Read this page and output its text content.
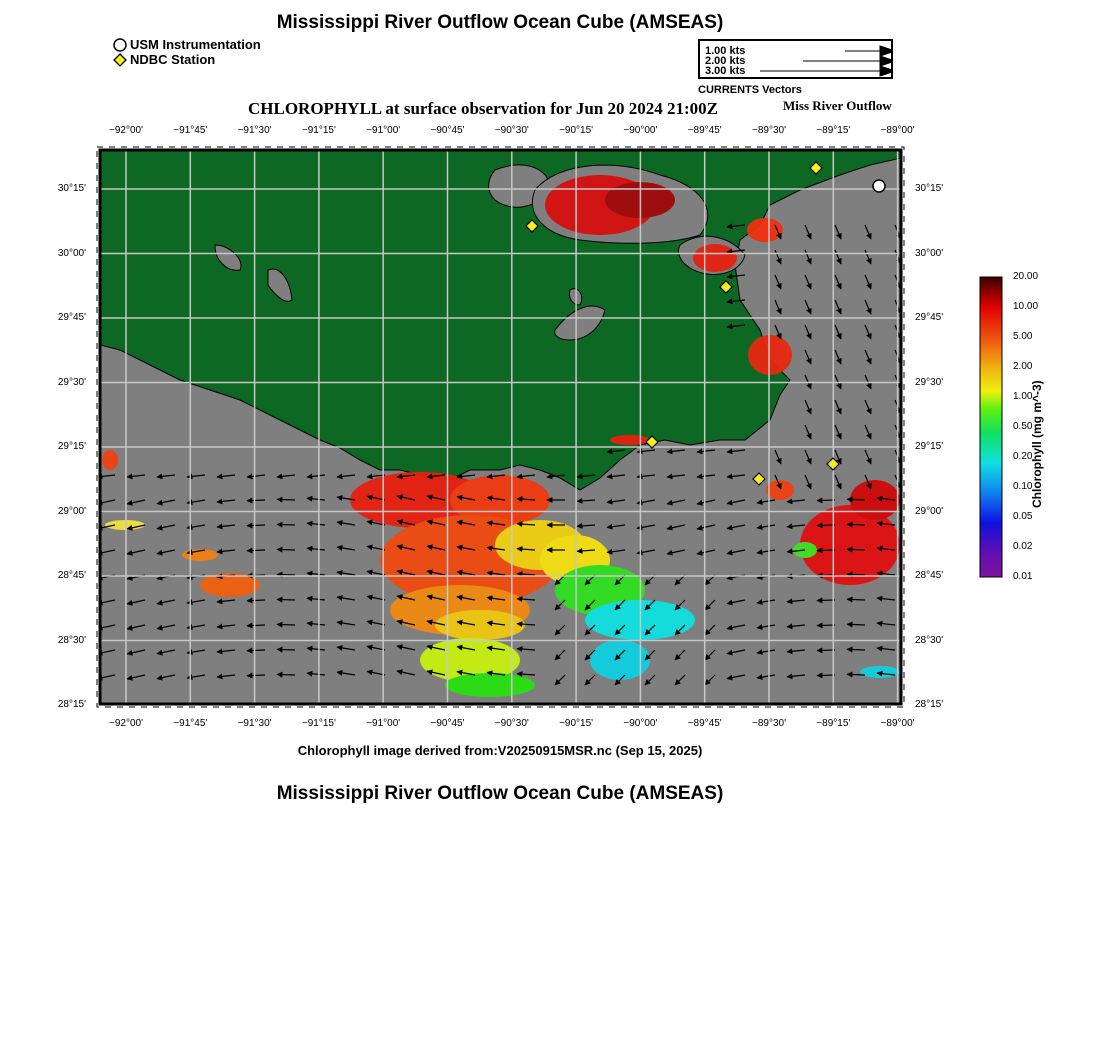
Mississippi River Outflow Ocean Cube (AMSEAS)
USM Instrumentation
NDBC Station
1.00 kts
2.00 kts
3.00 kts
CURRENTS Vectors
CHLOROPHYLL at surface observation for Jun 20 2024 21:00Z	Miss River Outflow
−92°00'	−91°45'	−91°30'	−91°15'	−91°00'	−90°45'	−90°30'	−90°15'	−90°00'	−89°45'	−89°30'	−89°15'	−89°00'
−92°00'	−91°45'	−91°30'	−91°15'	−91°00'	−90°45'	−90°30'	−90°15'	−90°00'	−89°45'	−89°30'	−89°15'	−89°00'
30°15'
30°00'
29°45'
29°30'
29°15'
29°00'
28°45'
28°30'
28°15'
30°15'
30°00'
29°45'
29°30'
29°15'
29°00'
28°45'
28°30'
28°15'
20.00
10.00
5.00
2.00
1.00
0.50
0.20
0.10
0.05
0.02
0.01
Chlorophyll (mg m^-3)
Chlorophyll image derived from:V20250915MSR.nc (Sep 15, 2025)
Mississippi River Outflow Ocean Cube (AMSEAS)
